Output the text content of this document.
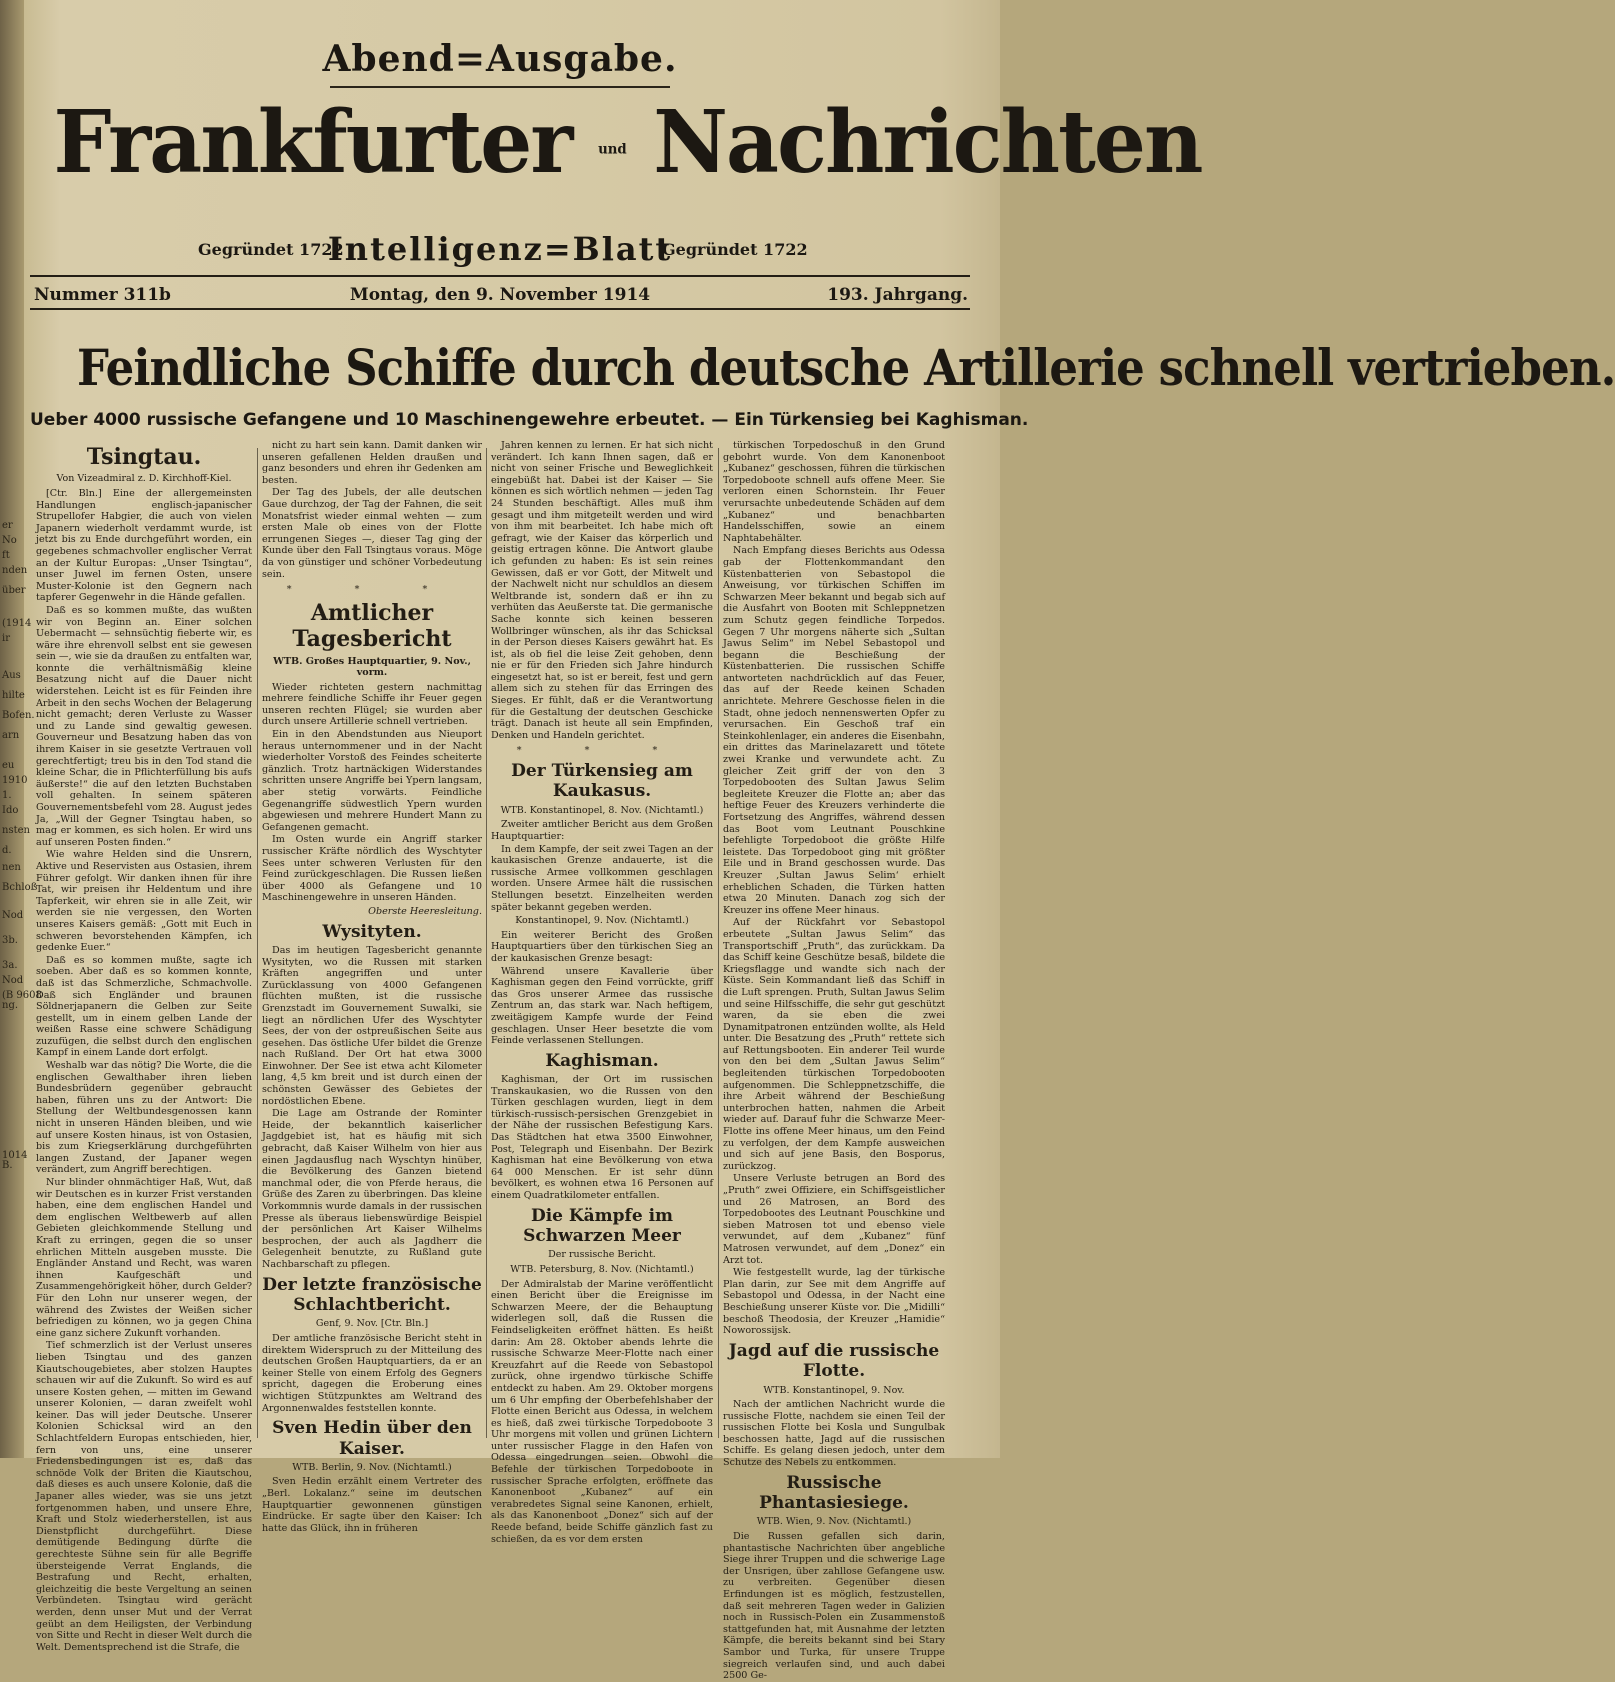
er
No
ft
nden
über
(1914
ir
Aus
hilte
Bofen.
arn
eu
1910
1.
Ido
nsten
d.
nen
Bchloß
Nod
3b.
3a.
Nod
(B 9608
ng.
1014
B.
Abend=Ausgabe.
Frankfurter und Nachrichten
Gegründet 1722
Intelligenz=Blatt
Gegründet 1722
Nummer 311b	Montag, den 9. November 1914	193. Jahrgang.
Feindliche Schiffe durch deutsche Artillerie schnell vertrieben.
Ueber 4000 russische Gefangene und 10 Maschinengewehre erbeutet. — Ein Türkensieg bei Kaghisman.
Tsingtau.
Von Vizeadmiral z. D. Kirchhoff-Kiel.

[Ctr. Bln.] Eine der allergemeinsten Handlungen englisch-japanischer Strupellofer Habgier, die auch von vielen Japanern wiederholt verdammt wurde, ist jetzt bis zu Ende durchgeführt worden, ein gegebenes schmachvoller englischer Verrat an der Kultur Europas: „Unser Tsingtau“, unser Juwel im fernen Osten, unsere Muster-Kolonie ist den Gegnern nach tapferer Gegenwehr in die Hände gefallen.

Daß es so kommen mußte, das wußten wir von Beginn an. Einer solchen Uebermacht — sehnsüchtig fieberte wir, es wäre ihre ehrenvoll selbst ent sie gewesen sein —, wie sie da draußen zu entfalten war, konnte die verhältnismäßig kleine Besatzung nicht auf die Dauer nicht widerstehen. Leicht ist es für Feinden ihre Arbeit in den sechs Wochen der Belagerung nicht gemacht; deren Verluste zu Wasser und zu Lande sind gewaltig gewesen. Gouverneur und Besatzung haben das von ihrem Kaiser in sie gesetzte Vertrauen voll gerechtfertigt; treu bis in den Tod stand die kleine Schar, die in Pflichterfüllung bis aufs äußerste!“ die auf den letzten Buchstaben voll gehalten. In seinem späteren Gouvernementsbefehl vom 28. August jedes Ja, „Will der Gegner Tsingtau haben, so mag er kommen, es sich holen. Er wird uns auf unseren Posten finden.“

Wie wahre Helden sind die Unsrern, Aktive und Reservisten aus Ostasien, ihrem Führer gefolgt. Wir danken ihnen für ihre Tat, wir preisen ihr Heldentum und ihre Tapferkeit, wir ehren sie in alle Zeit, wir werden sie nie vergessen, den Worten unseres Kaisers gemäß: „Gott mit Euch in schweren bevorstehenden Kämpfen, ich gedenke Euer.“

Daß es so kommen mußte, sagte ich soeben. Aber daß es so kommen konnte, daß ist das Schmerzliche, Schmachvolle. Daß sich Engländer und braunen Söldnerjapanern die Gelben zur Seite gestellt, um in einem gelben Lande der weißen Rasse eine schwere Schädigung zuzufügen, die selbst durch den englischen Kampf in einem Lande dort erfolgt.

Weshalb war das nötig? Die Worte, die die englischen Gewalthaber ihren lieben Bundesbrüdern gegenüber gebraucht haben, führen uns zu der Antwort: Die Stellung der Weltbundesgenossen kann nicht in unseren Händen bleiben, und wie auf unsere Kosten hinaus, ist von Ostasien, bis zum Kriegserklärung durchgeführten langen Zustand, der Japaner wegen verändert, zum Angriff berechtigen.

Nur blinder ohnmächtiger Haß, Wut, daß wir Deutschen es in kurzer Frist verstanden haben, eine dem englischen Handel und dem englischen Weltbewerb auf allen Gebieten gleichkommende Stellung und Kraft zu erringen, gegen die so unser ehrlichen Mitteln ausgeben musste. Die Engländer Anstand und Recht, was waren ihnen Kaufgeschäft und Zusammengehörigkeit höher, durch Gelder? Für den Lohn nur unserer wegen, der während des Zwistes der Weißen sicher befriedigen zu können, wo ja gegen China eine ganz sichere Zukunft vorhanden.

Tief schmerzlich ist der Verlust unseres lieben Tsingtau und des ganzen Kiautschougebietes, aber stolzen Hauptes schauen wir auf die Zukunft. So wird es auf unsere Kosten gehen, — mitten im Gewand unserer Kolonien, — daran zweifelt wohl keiner. Das will jeder Deutsche. Unserer Kolonien Schicksal wird an den Schlachtfeldern Europas entschieden, hier, fern von uns, eine unserer Friedensbedingungen ist es, daß das schnöde Volk der Briten die Kiautschou, daß dieses es auch unsere Kolonie, daß die Japaner alles wieder, was sie uns jetzt fortgenommen haben, und unsere Ehre, Kraft und Stolz wiederherstellen, ist aus Dienstpflicht durchgeführt. Diese demütigende Bedingung dürfte die gerechteste Sühne sein für alle Begriffe übersteigende Verrat Englands, die Bestrafung und Recht, erhalten, gleichzeitig die beste Vergeltung an seinen Verbündeten. Tsingtau wird gerächt werden, denn unser Mut und der Verrat geübt an dem Heiligsten, der Verbindung von Sitte und Recht in dieser Welt durch die Welt. Dementsprechend ist die Strafe, die

nicht zu hart sein kann. Damit danken wir unseren gefallenen Helden draußen und ganz besonders und ehren ihr Gedenken am besten.

Der Tag des Jubels, der alle deutschen Gaue durchzog, der Tag der Fahnen, die seit Monatsfrist wieder einmal wehten — zum ersten Male ob eines von der Flotte errungenen Sieges —, dieser Tag ging der Kunde über den Fall Tsingtaus voraus. Möge da von günstiger und schöner Vorbedeutung sein.

* * *
Amtlicher Tagesbericht
WTB. Großes Hauptquartier, 9. Nov., vorm.

Wieder richteten gestern nachmittag mehrere feindliche Schiffe ihr Feuer gegen unseren rechten Flügel; sie wurden aber durch unsere Artillerie schnell vertrieben.

Ein in den Abendstunden aus Nieuport heraus unternommener und in der Nacht wiederholter Vorstoß des Feindes scheiterte gänzlich. Trotz hartnäckigen Widerstandes schritten unsere Angriffe bei Ypern langsam, aber stetig vorwärts. Feindliche Gegenangriffe südwestlich Ypern wurden abgewiesen und mehrere Hundert Mann zu Gefangenen gemacht.

Im Osten wurde ein Angriff starker russischer Kräfte nördlich des Wyschtyter Sees unter schweren Verlusten für den Feind zurückgeschlagen. Die Russen ließen über 4000 als Gefangene und 10 Maschinengewehre in unseren Händen.

Oberste Heeresleitung.
Wysityten.

Das im heutigen Tagesbericht genannte Wysityten, wo die Russen mit starken Kräften angegriffen und unter Zurücklassung von 4000 Gefangenen flüchten mußten, ist die russische Grenzstadt im Gouvernement Suwalki, sie liegt an nördlichen Ufer des Wyschtyter Sees, der von der ostpreußischen Seite aus gesehen. Das östliche Ufer bildet die Grenze nach Rußland. Der Ort hat etwa 3000 Einwohner. Der See ist etwa acht Kilometer lang, 4,5 km breit und ist durch einen der schönsten Gewässer des Gebietes der nordöstlichen Ebene.

Die Lage am Ostrande der Rominter Heide, der bekanntlich kaiserlicher Jagdgebiet ist, hat es häufig mit sich gebracht, daß Kaiser Wilhelm von hier aus einen Jagdausflug nach Wyschtyn hinüber, die Bevölkerung des Ganzen bietend manchmal oder, die von Pferde heraus, die Grüße des Zaren zu überbringen. Das kleine Vorkommnis wurde damals in der russischen Presse als überaus liebenswürdige Beispiel der persönlichen Art Kaiser Wilhelms besprochen, der auch als Jagdherr die Gelegenheit benutzte, zu Rußland gute Nachbarschaft zu pflegen.

Der letzte französische Schlachtbericht.
Genf, 9. Nov. [Ctr. Bln.]

Der amtliche französische Bericht steht in direktem Widerspruch zu der Mitteilung des deutschen Großen Hauptquartiers, da er an keiner Stelle von einem Erfolg des Gegners spricht, dagegen die Eroberung eines wichtigen Stützpunktes am Weltrand des Argonnenwaldes feststellen konnte.

Sven Hedin über den Kaiser.
WTB. Berlin, 9. Nov. (Nichtamtl.)

Sven Hedin erzählt einem Vertreter des „Berl. Lokalanz.“ seine im deutschen Hauptquartier gewonnenen günstigen Eindrücke. Er sagte über den Kaiser: Ich hatte das Glück, ihn in früheren

Jahren kennen zu lernen. Er hat sich nicht verändert. Ich kann Ihnen sagen, daß er nicht von seiner Frische und Beweglichkeit eingebüßt hat. Dabei ist der Kaiser — Sie können es sich wörtlich nehmen — jeden Tag 24 Stunden beschäftigt. Alles muß ihm gesagt und ihm mitgeteilt werden und wird von ihm mit bearbeitet. Ich habe mich oft gefragt, wie der Kaiser das körperlich und geistig ertragen könne. Die Antwort glaube ich gefunden zu haben: Es ist sein reines Gewissen, daß er vor Gott, der Mitwelt und der Nachwelt nicht nur schuldlos an diesem Weltbrande ist, sondern daß er ihn zu verhüten das Aeußerste tat. Die germanische Sache konnte sich keinen besseren Wollbringer wünschen, als ihr das Schicksal in der Person dieses Kaisers gewährt hat. Es ist, als ob fiel die leise Zeit gehoben, denn nie er für den Frieden sich Jahre hindurch eingesetzt hat, so ist er bereit, fest und gern allem sich zu stehen für das Erringen des Sieges. Er fühlt, daß er die Verantwortung für die Gestaltung der deutschen Geschicke trägt. Danach ist heute all sein Empfinden, Denken und Handeln gerichtet.

* * *
Der Türkensieg am Kaukasus.
WTB. Konstantinopel, 8. Nov. (Nichtamtl.)

Zweiter amtlicher Bericht aus dem Großen Hauptquartier:

In dem Kampfe, der seit zwei Tagen an der kaukasischen Grenze andauerte, ist die russische Armee vollkommen geschlagen worden. Unsere Armee hält die russischen Stellungen besetzt. Einzelheiten werden später bekannt gegeben werden.

Konstantinopel, 9. Nov. (Nichtamtl.)

Ein weiterer Bericht des Großen Hauptquartiers über den türkischen Sieg an der kaukasischen Grenze besagt:

Während unsere Kavallerie über Kaghisman gegen den Feind vorrückte, griff das Gros unserer Armee das russische Zentrum an, das stark war. Nach heftigem, zweitägigem Kampfe wurde der Feind geschlagen. Unser Heer besetzte die vom Feinde verlassenen Stellungen.

Kaghisman.

Kaghisman, der Ort im russischen Transkaukasien, wo die Russen von den Türken geschlagen wurden, liegt in dem türkisch-russisch-persischen Grenzgebiet in der Nähe der russischen Befestigung Kars. Das Städtchen hat etwa 3500 Einwohner, Post, Telegraph und Eisenbahn. Der Bezirk Kaghisman hat eine Bevölkerung von etwa 64 000 Menschen. Er ist sehr dünn bevölkert, es wohnen etwa 16 Personen auf einem Quadratkilometer entfallen.

Die Kämpfe im Schwarzen Meer
Der russische Bericht.
WTB. Petersburg, 8. Nov. (Nichtamtl.)

Der Admiralstab der Marine veröffentlicht einen Bericht über die Ereignisse im Schwarzen Meere, der die Behauptung widerlegen soll, daß die Russen die Feindseligkeiten eröffnet hätten. Es heißt darin: Am 28. Oktober abends lehrte die russische Schwarze Meer-Flotte nach einer Kreuzfahrt auf die Reede von Sebastopol zurück, ohne irgendwo türkische Schiffe entdeckt zu haben. Am 29. Oktober morgens um 6 Uhr empfing der Oberbefehlshaber der Flotte einen Bericht aus Odessa, in welchem es hieß, daß zwei türkische Torpedoboote 3 Uhr morgens mit vollen und grünen Lichtern unter russischer Flagge in den Hafen von Odessa eingedrungen seien. Obwohl die Befehle der türkischen Torpedoboote in russischer Sprache erfolgten, eröffnete das Kanonenboot „Kubanez“ auf ein verabredetes Signal seine Kanonen, erhielt, als das Kanonenboot „Donez“ sich auf der Reede befand, beide Schiffe gänzlich fast zu schießen, da es vor dem ersten

türkischen Torpedoschuß in den Grund gebohrt wurde. Von dem Kanonenboot „Kubanez“ geschossen, führen die türkischen Torpedoboote schnell aufs offene Meer. Sie verloren einen Schornstein. Ihr Feuer verursachte unbedeutende Schäden auf dem „Kubanez“ und benachbarten Handelsschiffen, sowie an einem Naphtabehälter.

Nach Empfang dieses Berichts aus Odessa gab der Flottenkommandant den Küstenbatterien von Sebastopol die Anweisung, vor türkischen Schiffen im Schwarzen Meer bekannt und begab sich auf die Ausfahrt von Booten mit Schleppnetzen zum Schutz gegen feindliche Torpedos. Gegen 7 Uhr morgens näherte sich „Sultan Jawus Selim“ im Nebel Sebastopol und begann die Beschießung der Küstenbatterien. Die russischen Schiffe antworteten nachdrücklich auf das Feuer, das auf der Reede keinen Schaden anrichtete. Mehrere Geschosse fielen in die Stadt, ohne jedoch nennenswerten Opfer zu verursachen. Ein Geschoß traf ein Steinkohlenlager, ein anderes die Eisenbahn, ein drittes das Marinelazarett und tötete zwei Kranke und verwundete acht. Zu gleicher Zeit griff der von den 3 Torpedobooten des Sultan Jawus Selim begleitete Kreuzer die Flotte an; aber das heftige Feuer des Kreuzers verhinderte die Fortsetzung des Angriffes, während dessen das Boot vom Leutnant Pouschkine befehligte Torpedoboot die größte Hilfe leistete. Das Torpedoboot ging mit größter Eile und in Brand geschossen wurde. Das Kreuzer ‚Sultan Jawus Selim‘ erhielt erheblichen Schaden, die Türken hatten etwa 20 Minuten. Danach zog sich der Kreuzer ins offene Meer hinaus.

Auf der Rückfahrt vor Sebastopol erbeutete „Sultan Jawus Selim“ das Transportschiff „Pruth“, das zurückkam. Da das Schiff keine Geschütze besaß, bildete die Kriegsflagge und wandte sich nach der Küste. Sein Kommandant ließ das Schiff in die Luft sprengen. Pruth, Sultan Jawus Selim und seine Hilfsschiffe, die sehr gut geschützt waren, da sie eben die zwei Dynamitpatronen entzünden wollte, als Held unter. Die Besatzung des „Pruth“ rettete sich auf Rettungsbooten. Ein anderer Teil wurde von den bei dem „Sultan Jawus Selim“ begleitenden türkischen Torpedobooten aufgenommen. Die Schleppnetzschiffe, die ihre Arbeit während der Beschießung unterbrochen hatten, nahmen die Arbeit wieder auf. Darauf fuhr die Schwarze Meer-Flotte ins offene Meer hinaus, um den Feind zu verfolgen, der dem Kampfe ausweichen und sich auf jene Basis, den Bosporus, zurückzog.

Unsere Verluste betrugen an Bord des „Pruth“ zwei Offiziere, ein Schiffsgeistlicher und 26 Matrosen, an Bord des Torpedobootes des Leutnant Pouschkine und sieben Matrosen tot und ebenso viele verwundet, auf dem „Kubanez“ fünf Matrosen verwundet, auf dem „Donez“ ein Arzt tot.

Wie festgestellt wurde, lag der türkische Plan darin, zur See mit dem Angriffe auf Sebastopol und Odessa, in der Nacht eine Beschießung unserer Küste vor. Die „Midilli“ beschoß Theodosia, der Kreuzer „Hamidie“ Noworossijsk.

Jagd auf die russische Flotte.
WTB. Konstantinopel, 9. Nov.

Nach der amtlichen Nachricht wurde die russische Flotte, nachdem sie einen Teil der russischen Flotte bei Kosla und Sungulbak beschossen hatte, Jagd auf die russischen Schiffe. Es gelang diesen jedoch, unter dem Schutze des Nebels zu entkommen.

Russische Phantasiesiege.
WTB. Wien, 9. Nov. (Nichtamtl.)

Die Russen gefallen sich darin, phantastische Nachrichten über angebliche Siege ihrer Truppen und die schwerige Lage der Unsrigen, über zahllose Gefangene usw. zu verbreiten. Gegenüber diesen Erfindungen ist es möglich, festzustellen, daß seit mehreren Tagen weder in Galizien noch in Russisch-Polen ein Zusammenstoß stattgefunden hat, mit Ausnahme der letzten Kämpfe, die bereits bekannt sind bei Stary Sambor und Turka, für unsere Truppe siegreich verlaufen sind, und auch dabei 2500 Ge-
